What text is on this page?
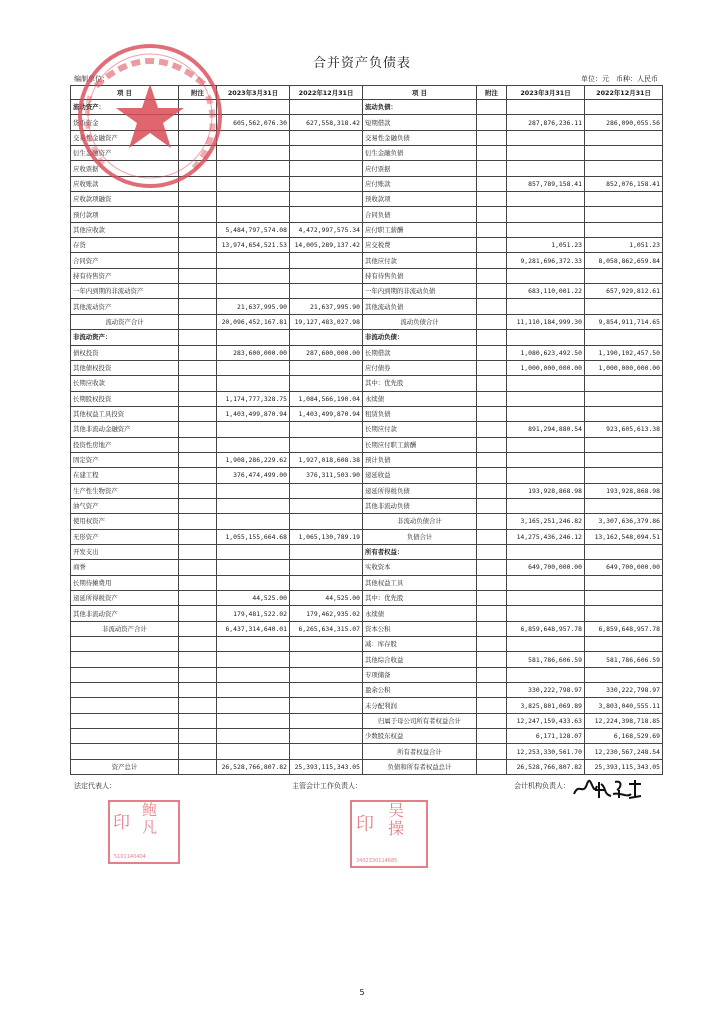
合并资产负债表
编制单位：	单位：元　币种：人民币
项 目	附注	2023年3月31日	2022年12月31日	项 目	附注	2023年3月31日	2022年12月31日
流动资产：				流动负债：			
货币资金		605,562,076.30	627,558,318.42	短期借款		287,876,236.11	286,090,055.56
交易性金融资产				交易性金融负债			
衍生金融资产				衍生金融负债			
应收票据				应付票据			
应收账款				应付账款		857,789,158.41	852,076,158.41
应收款项融资				预收款项			
预付款项				合同负债			
其他应收款		5,484,797,574.08	4,472,997,575.34	应付职工薪酬			
存货		13,974,654,521.53	14,005,289,137.42	应交税费		1,051.23	1,051.23
合同资产				其他应付款		9,281,696,372.33	8,058,862,659.84
持有待售资产				持有待售负债			
一年内到期的非流动资产				一年内到期的非流动负债		683,110,001.22	657,929,812.61
其他流动资产		21,637,995.90	21,637,995.90	其他流动负债			
流动资产合计		20,096,452,167.81	19,127,483,027.98	流动负债合计		11,110,184,999.30	9,854,911,714.65
非流动资产：				非流动负债：			
债权投资		283,600,000.00	287,600,000.00	长期借款		1,080,623,492.50	1,190,102,457.50
其他债权投资				应付债券		1,000,000,000.00	1,000,000,000.00
长期应收款				其中：优先股			
长期股权投资		1,174,777,328.75	1,084,566,190.04	永续债			
其他权益工具投资		1,403,499,870.94	1,403,499,870.94	租赁负债			
其他非流动金融资产				长期应付款		891,294,880.54	923,605,613.38
投资性房地产				长期应付职工薪酬			
固定资产		1,908,286,229.62	1,927,018,608.38	预计负债			
在建工程		376,474,499.00	376,311,503.90	递延收益			
生产性生物资产				递延所得税负债		193,928,868.98	193,928,868.98
油气资产				其他非流动负债			
使用权资产				非流动负债合计		3,165,251,246.82	3,307,636,379.86
无形资产		1,055,155,664.68	1,065,130,789.19	负债合计		14,275,436,246.12	13,162,548,094.51
开发支出				所有者权益：			
商誉				实收资本		649,700,000.00	649,700,000.00
长期待摊费用				其他权益工具			
递延所得税资产		44,525.00	44,525.00	其中：优先股			
其他非流动资产		179,481,522.02	179,462,935.02	永续债			
非流动资产合计		6,437,314,640.01	6,265,634,315.07	资本公积		6,859,648,957.78	6,859,648,957.78
				减：库存股			
				其他综合收益		581,786,606.59	581,786,606.59
				专项储备			
				盈余公积		330,222,798.97	330,222,798.97
				未分配利润		3,825,801,069.89	3,803,040,555.11
				归属于母公司所有者权益合计		12,247,159,433.63	12,224,398,718.85
				少数股东权益		6,171,128.07	6,168,529.69
				所有者权益合计		12,253,330,561.70	12,230,567,248.54
资产总计		26,528,766,807.82	25,393,115,343.05	负债和所有者权益总计		26,528,766,807.82	25,393,115,343.05
法定代表人：	主管会计工作负责人：	会计机构负责人：
印
鲍
凡
5101140404
印
吴
操
3402330114685
5
